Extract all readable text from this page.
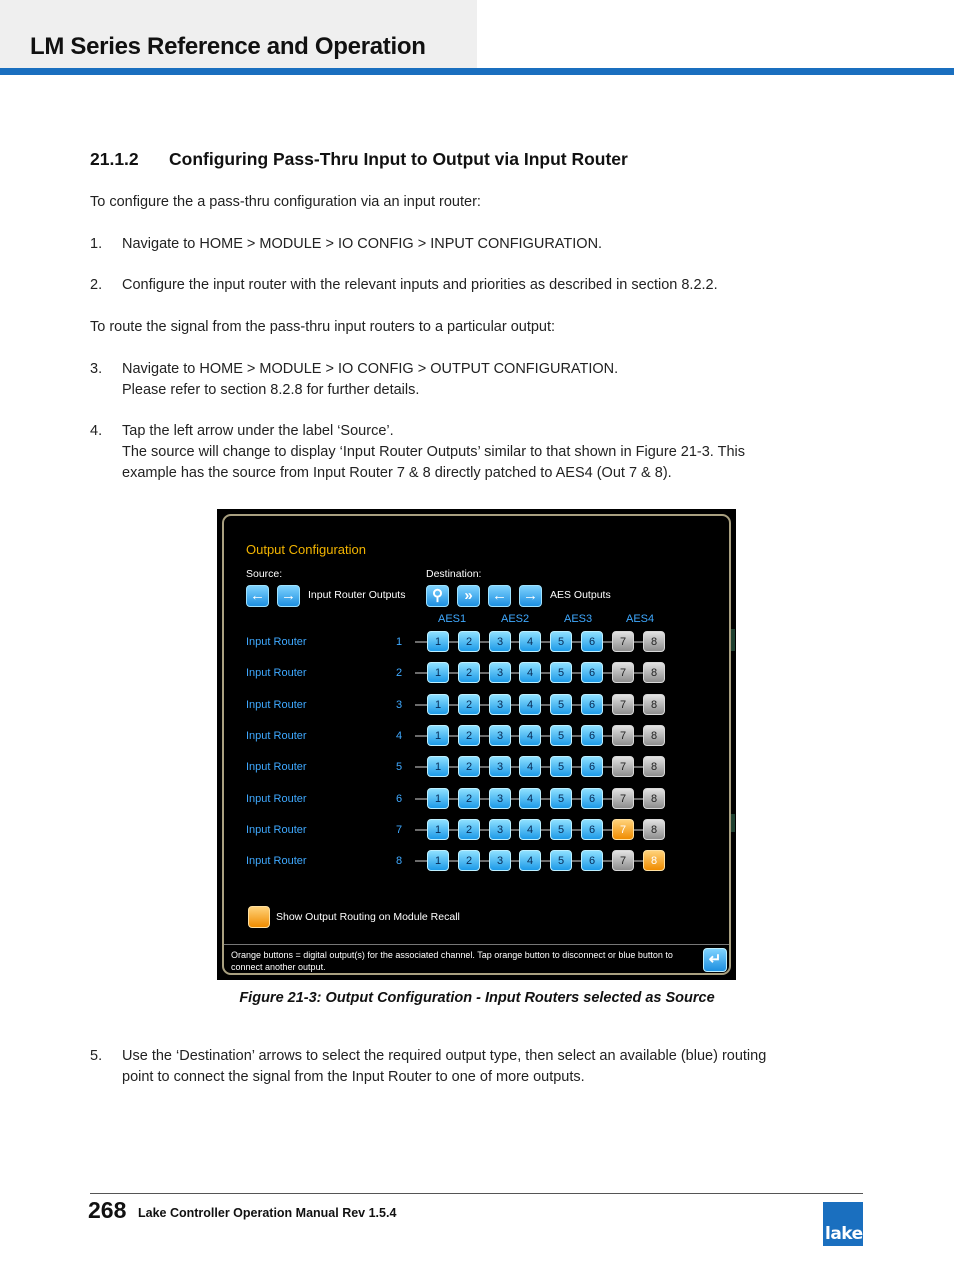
LM Series Reference and Operation
21.1.2 Configuring Pass-Thru Input to Output via Input Router
To configure the a pass-thru configuration via an input router:
1. Navigate to HOME > MODULE > IO CONFIG > INPUT CONFIGURATION.
2. Configure the input router with the relevant inputs and priorities as described in section 8.2.2.
To route the signal from the pass-thru input routers to a particular output:
3. Navigate to HOME > MODULE > IO CONFIG > OUTPUT CONFIGURATION.
Please refer to section 8.2.8 for further details.
4. Tap the left arrow under the label ‘Source’.
The source will change to display ‘Input Router Outputs’ similar to that shown in Figure 21-3. This
example has the source from Input Router 7 & 8 directly patched to AES4 (Out 7 & 8).
Output Configuration
Source:
← →	Input Router Outputs
Destination:
⚲	»	← →	AES Outputs
AES1	AES2	AES3	AES4
Input Router	1	1	2	3	4	5	6	7	8
Input Router	2	1	2	3	4	5	6	7	8
Input Router	3	1	2	3	4	5	6	7	8
Input Router	4	1	2	3	4	5	6	7	8
Input Router	5	1	2	3	4	5	6	7	8
Input Router	6	1	2	3	4	5	6	7	8
Input Router	7	1	2	3	4	5	6	7	8
Input Router	8	1	2	3	4	5	6	7	8
Show Output Routing on Module Recall
Orange buttons = digital output(s) for the associated channel. Tap orange button to disconnect or blue button to connect another output.	↵
Figure 21-3: Output Configuration - Input Routers selected as Source
5. Use the ‘Destination’ arrows to select the required output type, then select an available (blue) routing
point to connect the signal from the Input Router to one of more outputs.
268 Lake Controller Operation Manual Rev 1.5.4
lake
